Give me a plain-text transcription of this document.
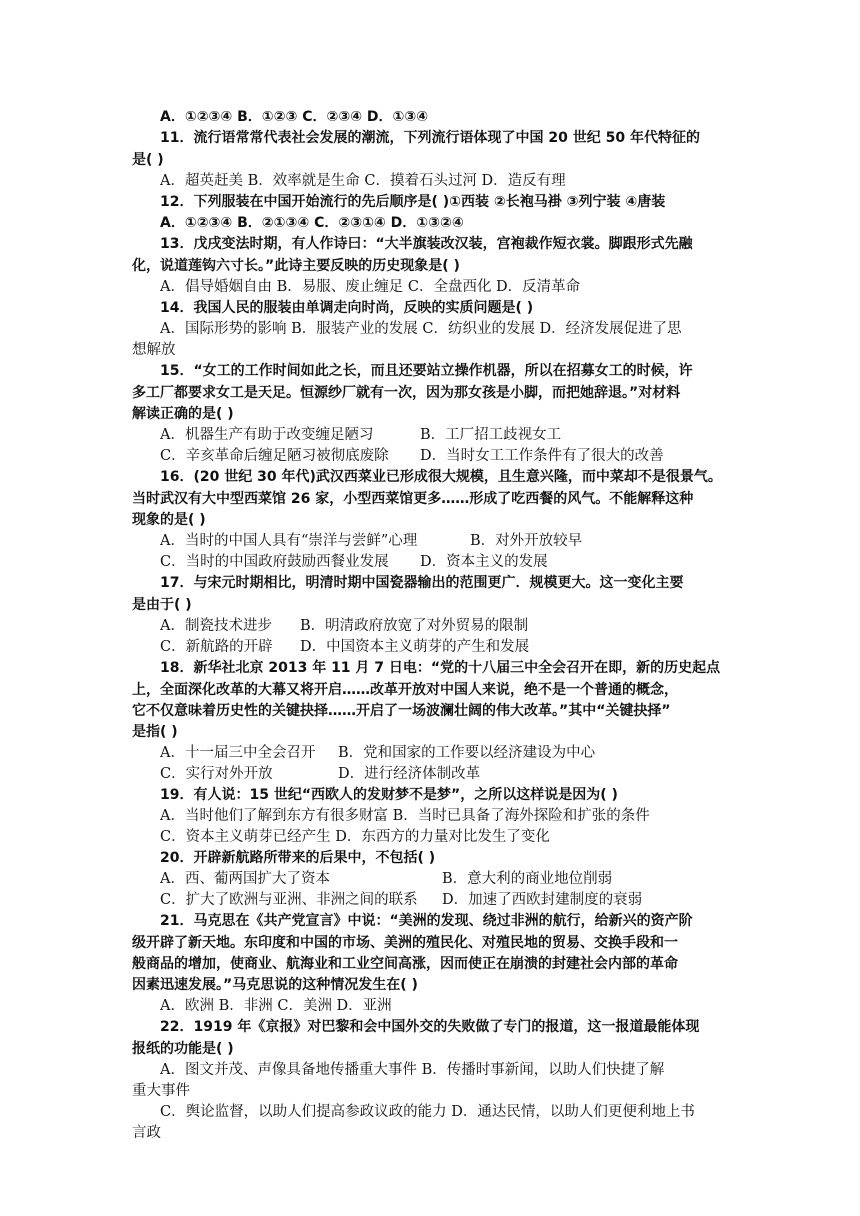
A．①②③④ B．①②③ C．②③④ D．①③④
11．流行语常常代表社会发展的潮流，下列流行语体现了中国 20 世纪 50 年代特征的
是( )
A．超英赶美 B．效率就是生命 C．摸着石头过河 D．造反有理
12．下列服装在中国开始流行的先后顺序是( )①西装 ②长袍马褂 ③列宁装 ④唐装
A．①②③④ B．②①③④ C．②③①④ D．①③②④
13．戊戌变法时期，有人作诗曰：“大半旗装改汉装，宫袍裁作短衣裳。脚跟形式先融
化，说道莲钩六寸长。”此诗主要反映的历史现象是( )
A．倡导婚姻自由 B．易服、废止缠足 C．全盘西化 D．反清革命
14．我国人民的服装由单调走向时尚，反映的实质问题是( )
A．国际形势的影响 B．服装产业的发展 C．纺织业的发展 D．经济发展促进了思
想解放
15．“女工的工作时间如此之长，而且还要站立操作机器，所以在招募女工的时候，许
多工厂都要求女工是天足。恒源纱厂就有一次，因为那女孩是小脚，而把她辞退。”对材料
解读正确的是( )
A．机器生产有助于改变缠足陋习	B．工厂招工歧视女工
C．辛亥革命后缠足陋习被彻底废除 D．当时女工工作条件有了很大的改善
16．(20 世纪 30 年代)武汉西菜业已形成很大规模，且生意兴隆，而中菜却不是很景气。
当时武汉有大中型西菜馆 26 家，小型西菜馆更多……形成了吃西餐的风气。不能解释这种
现象的是( )
A．当时的中国人具有“崇洋与尝鲜”心理	B．对外开放较早
C．当时的中国政府鼓励西餐业发展 D．资本主义的发展
17．与宋元时期相比，明清时期中国瓷器输出的范围更广．规模更大。这一变化主要
是由于( )
A．制瓷技术进步 B．明清政府放宽了对外贸易的限制
C．新航路的开辟 D．中国资本主义萌芽的产生和发展
18．新华社北京 2013 年 11 月 7 日电：“党的十八届三中全会召开在即，新的历史起点
上，全面深化改革的大幕又将开启……改革开放对中国人来说，绝不是一个普通的概念，
它不仅意味着历史性的关键抉择……开启了一场波澜壮阔的伟大改革。”其中“关键抉择”
是指( )
A．十一届三中全会召开 B．党和国家的工作要以经济建设为中心
C．实行对外开放	D．进行经济体制改革
19．有人说：15 世纪“西欧人的发财梦不是梦”，之所以这样说是因为( )
A．当时他们了解到东方有很多财富 B．当时已具备了海外探险和扩张的条件
C．资本主义萌芽已经产生 D．东西方的力量对比发生了变化
20．开辟新航路所带来的后果中，不包括( )
A．西、葡两国扩大了资本	B．意大利的商业地位削弱
C．扩大了欧洲与亚洲、非洲之间的联系 D．加速了西欧封建制度的衰弱
21．马克思在《共产党宣言》中说：“美洲的发现、绕过非洲的航行，给新兴的资产阶
级开辟了新天地。东印度和中国的市场、美洲的殖民化、对殖民地的贸易、交换手段和一
般商品的增加，使商业、航海业和工业空间高涨，因而使正在崩溃的封建社会内部的革命
因素迅速发展。”马克思说的这种情况发生在( )
A．欧洲 B．非洲 C．美洲 D．亚洲
22．1919 年《京报》对巴黎和会中国外交的失败做了专门的报道，这一报道最能体现
报纸的功能是( )
A．图文并茂、声像具备地传播重大事件 B．传播时事新闻，以助人们快捷了解
重大事件
C．舆论监督，以助人们提高参政议政的能力 D．通达民情，以助人们更便利地上书
言政
